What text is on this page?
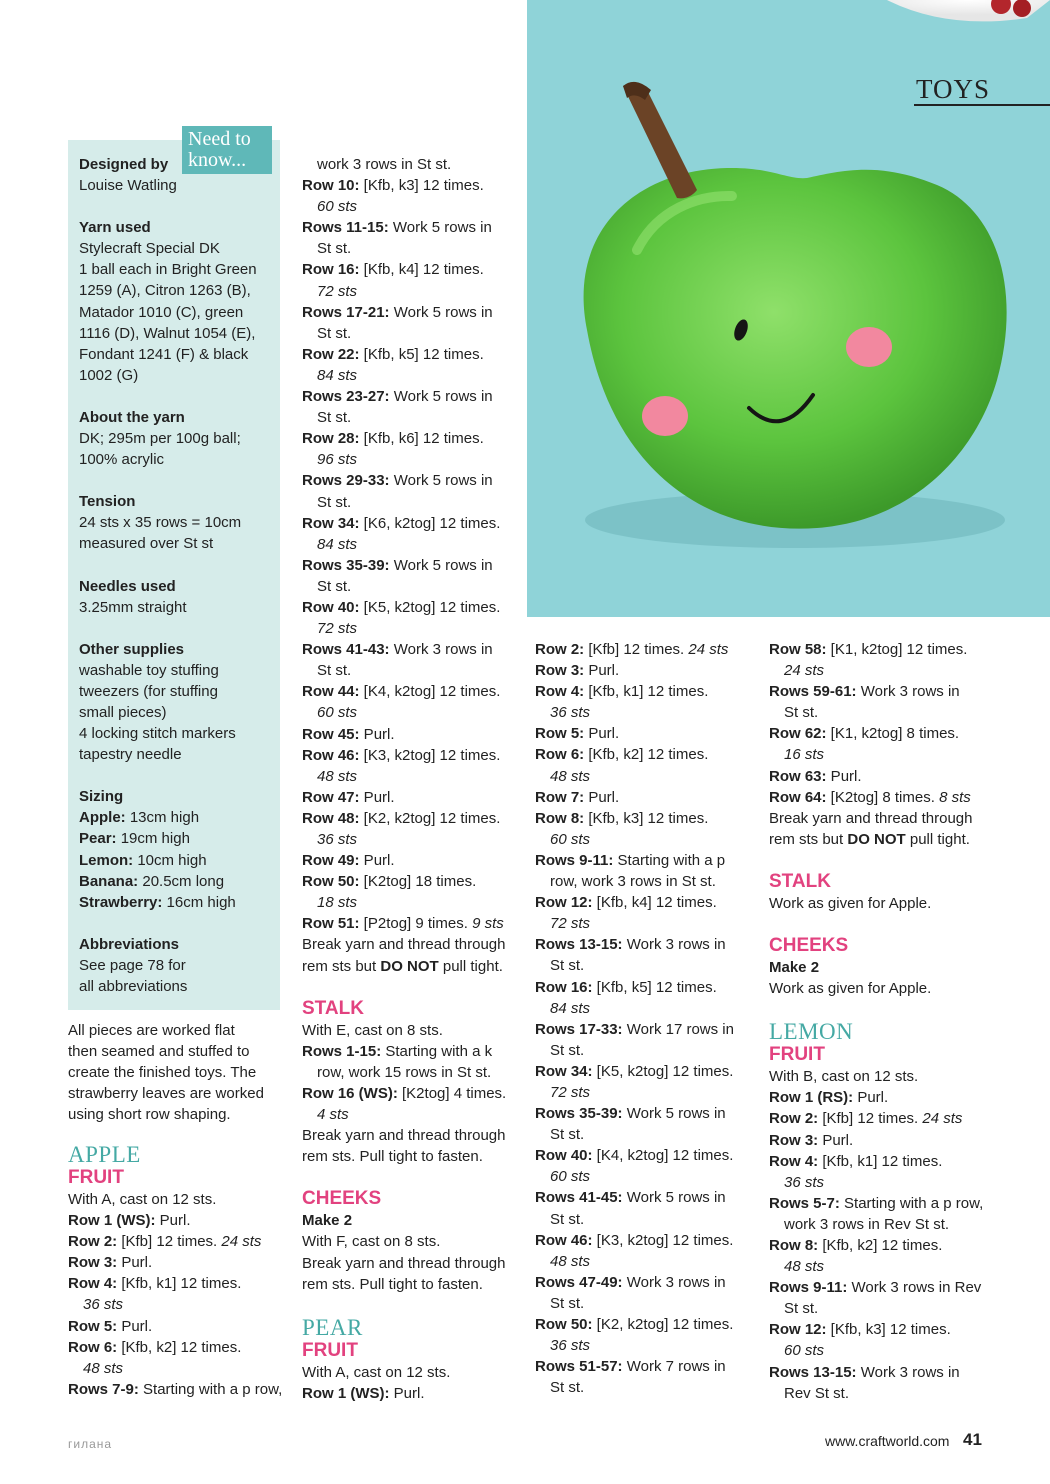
TOYS
Need to know...
Designed by
Louise Watling
Yarn used
Stylecraft Special DK
1 ball each in Bright Green
1259 (A), Citron 1263 (B),
Matador 1010 (C), green
1116 (D), Walnut 1054 (E),
Fondant 1241 (F) & black
1002 (G)
About the yarn
DK; 295m per 100g ball;
100% acrylic
Tension
24 sts x 35 rows = 10cm
measured over St st
Needles used
3.25mm straight
Other supplies
washable toy stuffing
tweezers (for stuffing
small pieces)
4 locking stitch markers
tapestry needle
Sizing
Apple: 13cm high
Pear: 19cm high
Lemon: 10cm high
Banana: 20.5cm long
Strawberry: 16cm high
Abbreviations
See page 78 for
all abbreviations

All pieces are worked flat

then seamed and stuffed to

create the finished toys. The

strawberry leaves are worked

using short row shaping.

APPLE

FRUIT

With A, cast on 12 sts.

Row 1 (WS): Purl.

Row 2: [Kfb] 12 times. 24 sts

Row 3: Purl.

Row 4: [Kfb, k1] 12 times.

36 sts

Row 5: Purl.

Row 6: [Kfb, k2] 12 times.

48 sts

Rows 7-9: Starting with a p row,

work 3 rows in St st.

Row 10: [Kfb, k3] 12 times.

60 sts

Rows 11-15: Work 5 rows in

St st.

Row 16: [Kfb, k4] 12 times.

72 sts

Rows 17-21: Work 5 rows in

St st.

Row 22: [Kfb, k5] 12 times.

84 sts

Rows 23-27: Work 5 rows in

St st.

Row 28: [Kfb, k6] 12 times.

96 sts

Rows 29-33: Work 5 rows in

St st.

Row 34: [K6, k2tog] 12 times.

84 sts

Rows 35-39: Work 5 rows in

St st.

Row 40: [K5, k2tog] 12 times.

72 sts

Rows 41-43: Work 3 rows in

St st.

Row 44: [K4, k2tog] 12 times.

60 sts

Row 45: Purl.

Row 46: [K3, k2tog] 12 times.

48 sts

Row 47: Purl.

Row 48: [K2, k2tog] 12 times.

36 sts

Row 49: Purl.

Row 50: [K2tog] 18 times.

18 sts

Row 51: [P2tog] 9 times. 9 sts

Break yarn and thread through

rem sts but DO NOT pull tight.

STALK

With E, cast on 8 sts.

Rows 1-15: Starting with a k

row, work 15 rows in St st.

Row 16 (WS): [K2tog] 4 times.

4 sts

Break yarn and thread through

rem sts. Pull tight to fasten.

CHEEKS

Make 2

With F, cast on 8 sts.

Break yarn and thread through

rem sts. Pull tight to fasten.

PEAR

FRUIT

With A, cast on 12 sts.

Row 1 (WS): Purl.

Row 2: [Kfb] 12 times. 24 sts

Row 3: Purl.

Row 4: [Kfb, k1] 12 times.

36 sts

Row 5: Purl.

Row 6: [Kfb, k2] 12 times.

48 sts

Row 7: Purl.

Row 8: [Kfb, k3] 12 times.

60 sts

Rows 9-11: Starting with a p

row, work 3 rows in St st.

Row 12: [Kfb, k4] 12 times.

72 sts

Rows 13-15: Work 3 rows in

St st.

Row 16: [Kfb, k5] 12 times.

84 sts

Rows 17-33: Work 17 rows in

St st.

Row 34: [K5, k2tog] 12 times.

72 sts

Rows 35-39: Work 5 rows in

St st.

Row 40: [K4, k2tog] 12 times.

60 sts

Rows 41-45: Work 5 rows in

St st.

Row 46: [K3, k2tog] 12 times.

48 sts

Rows 47-49: Work 3 rows in

St st.

Row 50: [K2, k2tog] 12 times.

36 sts

Rows 51-57: Work 7 rows in

St st.

Row 58: [K1, k2tog] 12 times.

24 sts

Rows 59-61: Work 3 rows in

St st.

Row 62: [K1, k2tog] 8 times.

16 sts

Row 63: Purl.

Row 64: [K2tog] 8 times. 8 sts

Break yarn and thread through

rem sts but DO NOT pull tight.

STALK

Work as given for Apple.

CHEEKS

Make 2

Work as given for Apple.

LEMON

FRUIT

With B, cast on 12 sts.

Row 1 (RS): Purl.

Row 2: [Kfb] 12 times. 24 sts

Row 3: Purl.

Row 4: [Kfb, k1] 12 times.

36 sts

Rows 5-7: Starting with a p row,

work 3 rows in Rev St st.

Row 8: [Kfb, k2] 12 times.

48 sts

Rows 9-11: Work 3 rows in Rev

St st.

Row 12: [Kfb, k3] 12 times.

60 sts

Rows 13-15: Work 3 rows in

Rev St st.

гилана	www.craftworld.com 41
